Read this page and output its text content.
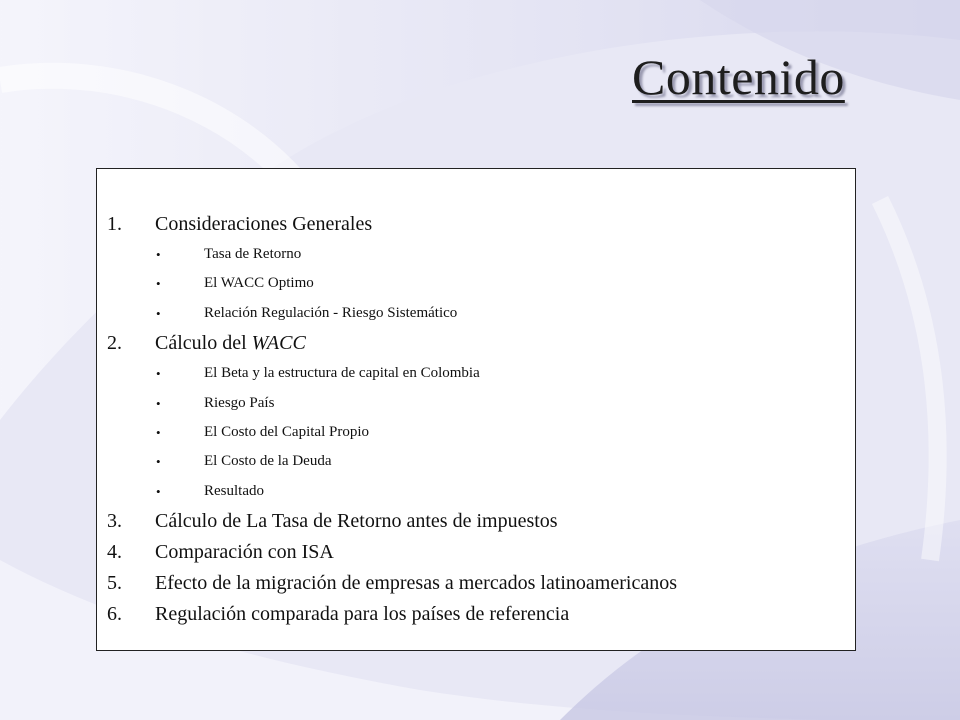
Contenido
1. Consideraciones Generales
•	Tasa de Retorno
•	El WACC Optimo
•	Relación Regulación - Riesgo Sistemático
2. Cálculo del WACC
•	El Beta y la estructura de capital en Colombia
•	Riesgo País
•	El Costo del Capital Propio
•	El Costo de la Deuda
•	Resultado
3. Cálculo de La Tasa de Retorno antes de impuestos
4. Comparación con ISA
5. Efecto de la migración de empresas a mercados latinoamericanos
6. Regulación comparada para los países de referencia
